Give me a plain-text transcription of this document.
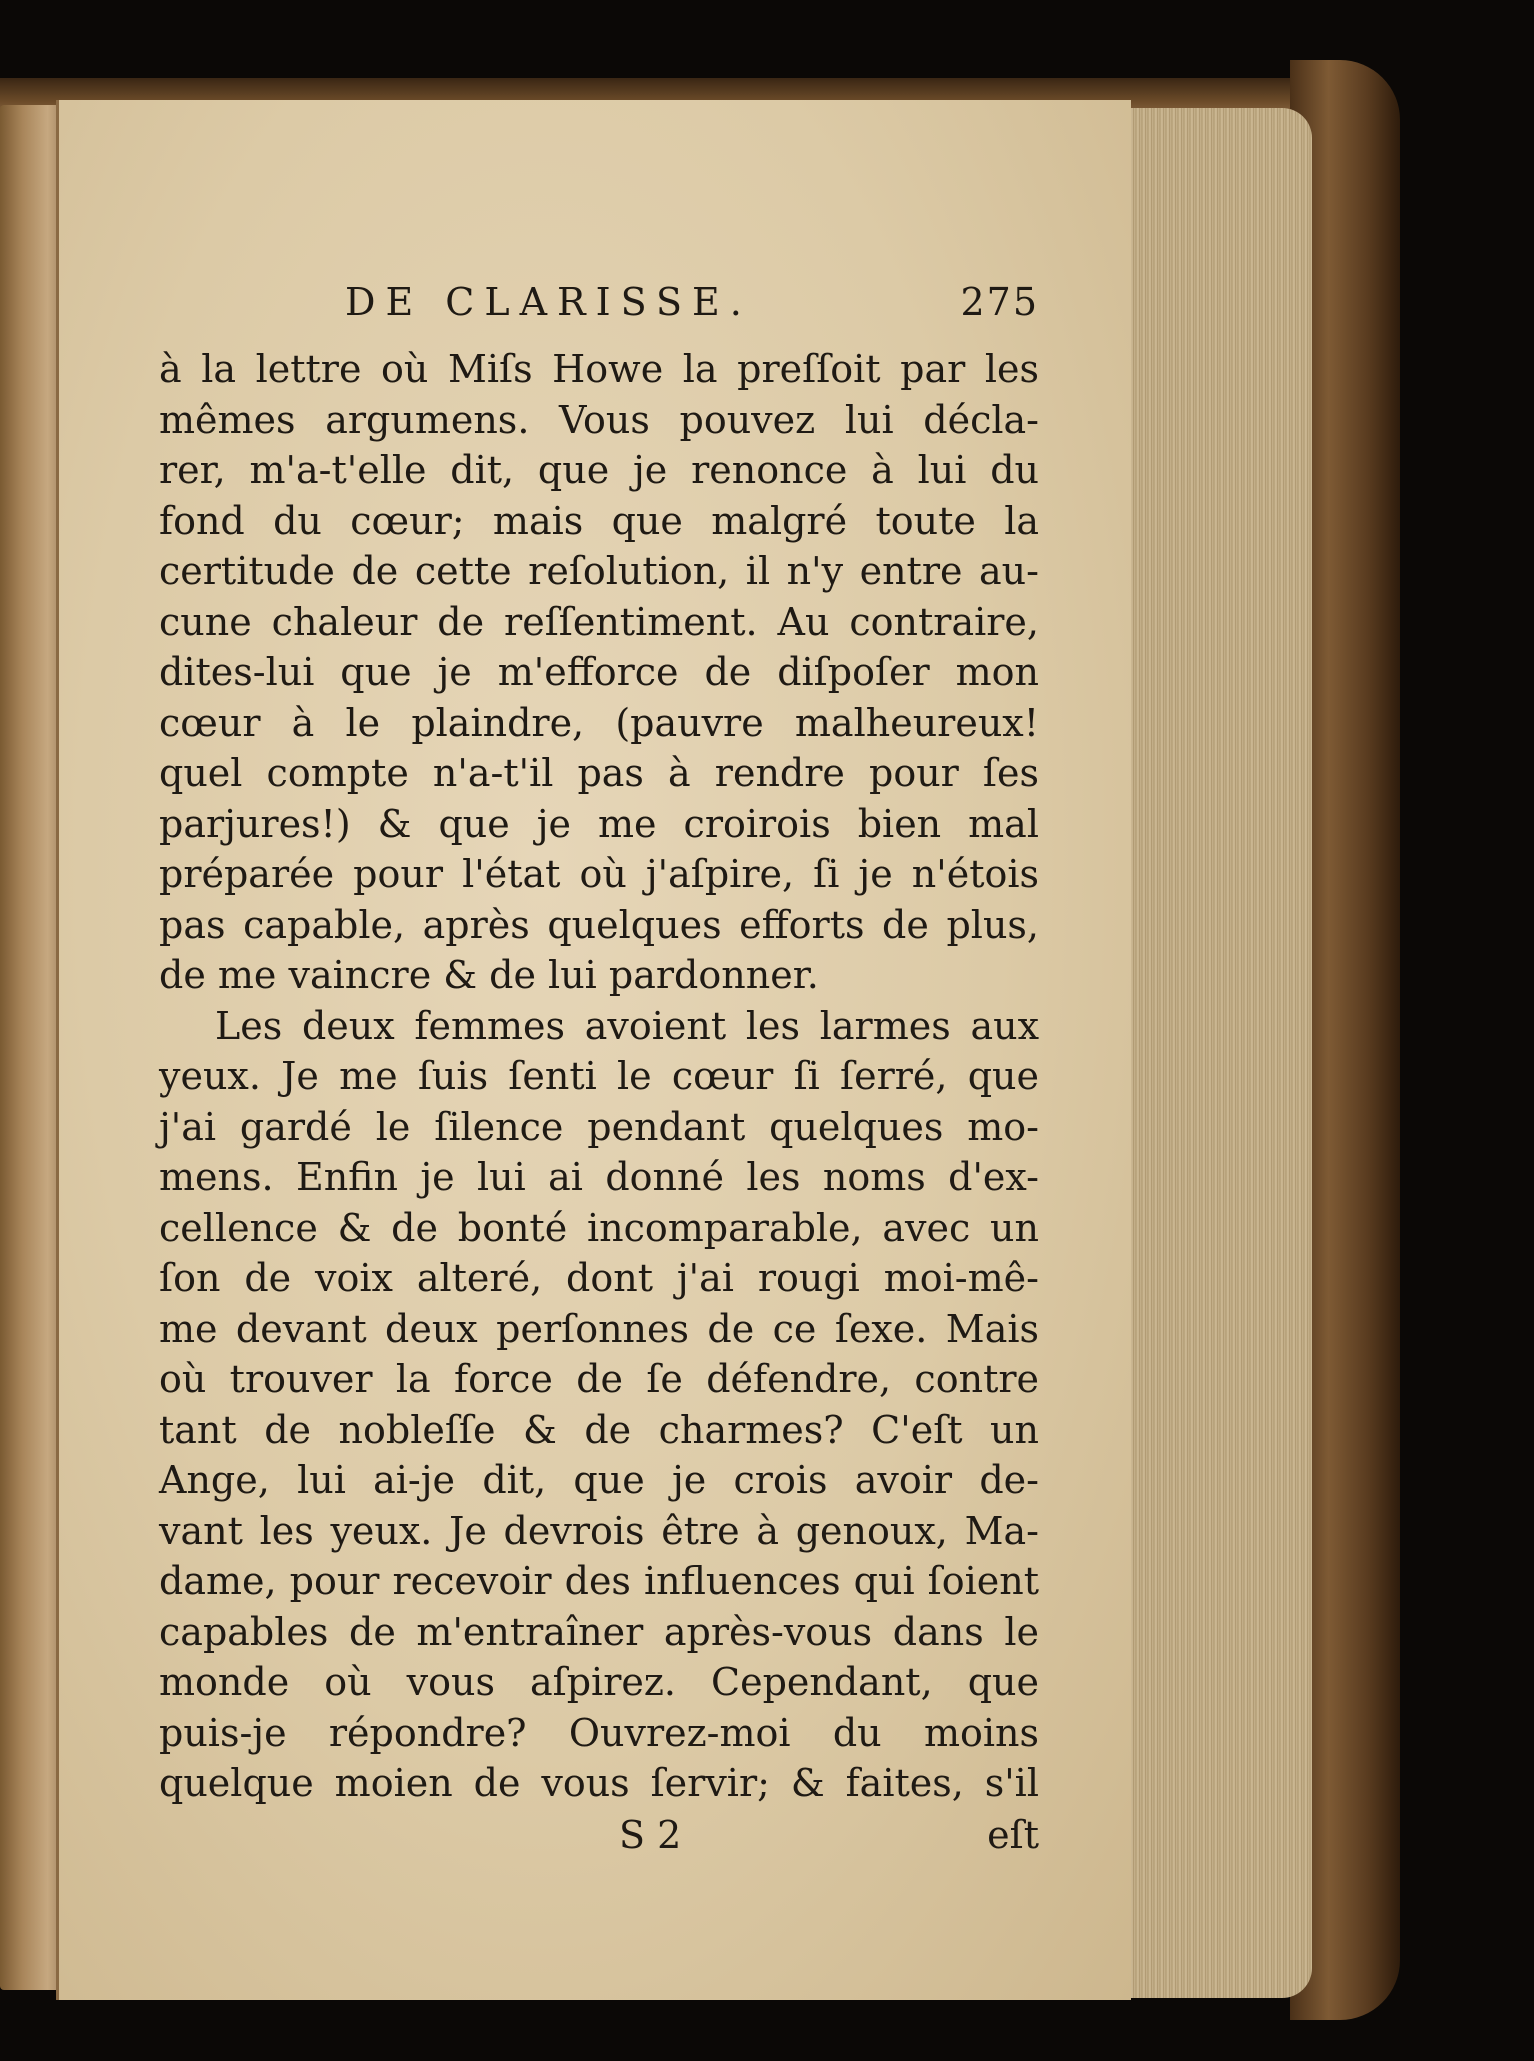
DE CLARISSE.	275
à la lettre où Miſs Howe la preſſoit par les
mêmes argumens. Vous pouvez lui décla-
rer, m'a-t'elle dit, que je renonce à lui du
fond du cœur; mais que malgré toute la
certitude de cette reſolution, il n'y entre au-
cune chaleur de reſſentiment. Au contraire,
dites-lui que je m'efforce de diſpoſer mon
cœur à le plaindre, (pauvre malheureux!
quel compte n'a-t'il pas à rendre pour ſes
parjures!) & que je me croirois bien mal
préparée pour l'état où j'aſpire, ſi je n'étois
pas capable, après quelques efforts de plus,
de me vaincre & de lui pardonner.
Les deux femmes avoient les larmes aux
yeux. Je me ſuis ſenti le cœur ſi ſerré, que
j'ai gardé le ſilence pendant quelques mo-
mens. Enfin je lui ai donné les noms d'ex-
cellence & de bonté incomparable, avec un
ſon de voix alteré, dont j'ai rougi moi-mê-
me devant deux perſonnes de ce ſexe. Mais
où trouver la force de ſe défendre, contre
tant de nobleſſe & de charmes? C'eſt un
Ange, lui ai-je dit, que je crois avoir de-
vant les yeux. Je devrois être à genoux, Ma-
dame, pour recevoir des influences qui ſoient
capables de m'entraîner après-vous dans le
monde où vous aſpirez. Cependant, que
puis-je répondre? Ouvrez-moi du moins
quelque moien de vous ſervir; & faites, s'il
S 2	eſt
